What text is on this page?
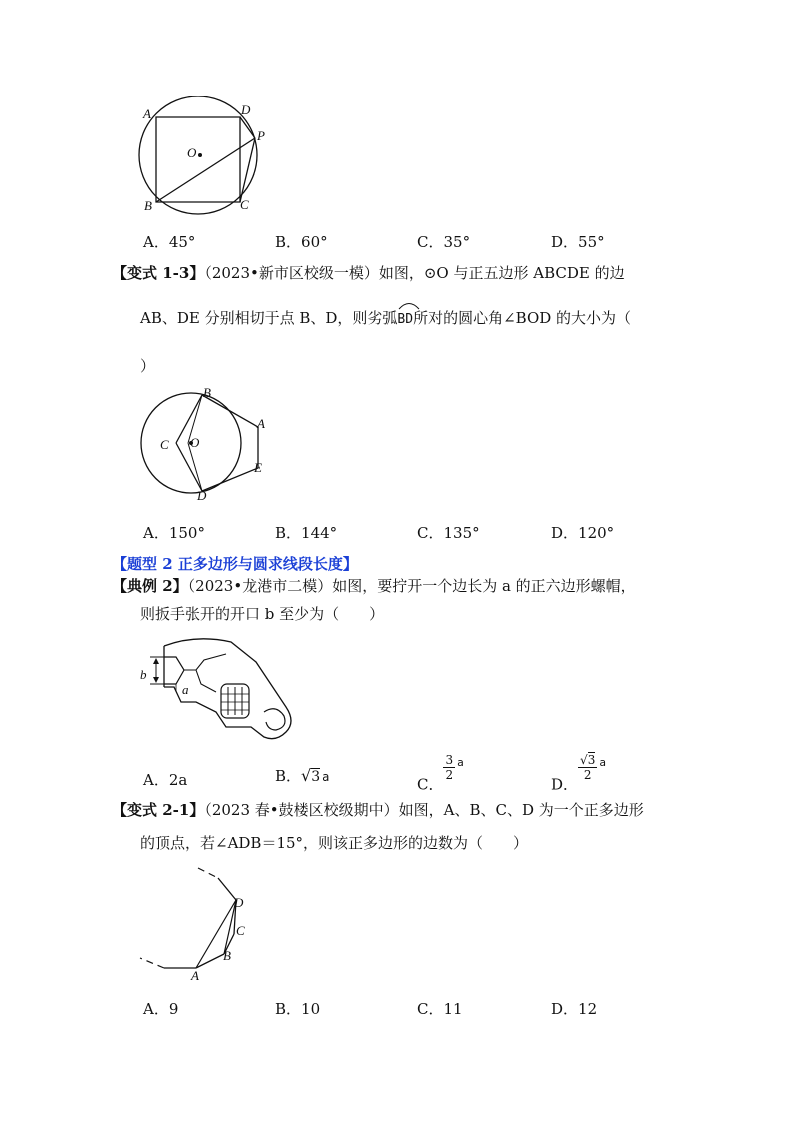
A	D
P
O
B	C
A．45°	B．60°	C．35°	D．55°
【变式 1-3】（2023•新市区校级一模）如图，⊙O 与正五边形 ABCDE 的边
AB、DE 分别相切于点 B、D，则劣弧
BD所对的圆心角∠BOD 的大小为（
）
B
A
C O
E
D
A．150°	B．144°	C．135°	D．120°
【题型 2 正多边形与圆求线段长度】
【典例 2】（2023•龙港市二模）如图，要拧开一个边长为 a 的正六边形螺帽，
则扳手张开的开口 b 至少为（　　）
b
a
A．2a	B．√3 a	C．
$\frac{3}{2} ^a$
D．
$\frac{√3}{2} ^a$
【变式 2-1】（2023 春•鼓楼区校级期中）如图，A、B、C、D 为一个正多边形
的顶点，若∠ADB＝15°，则该正多边形的边数为（　　）
D
C
B
A
A．9	B．10	C．11	D．12
